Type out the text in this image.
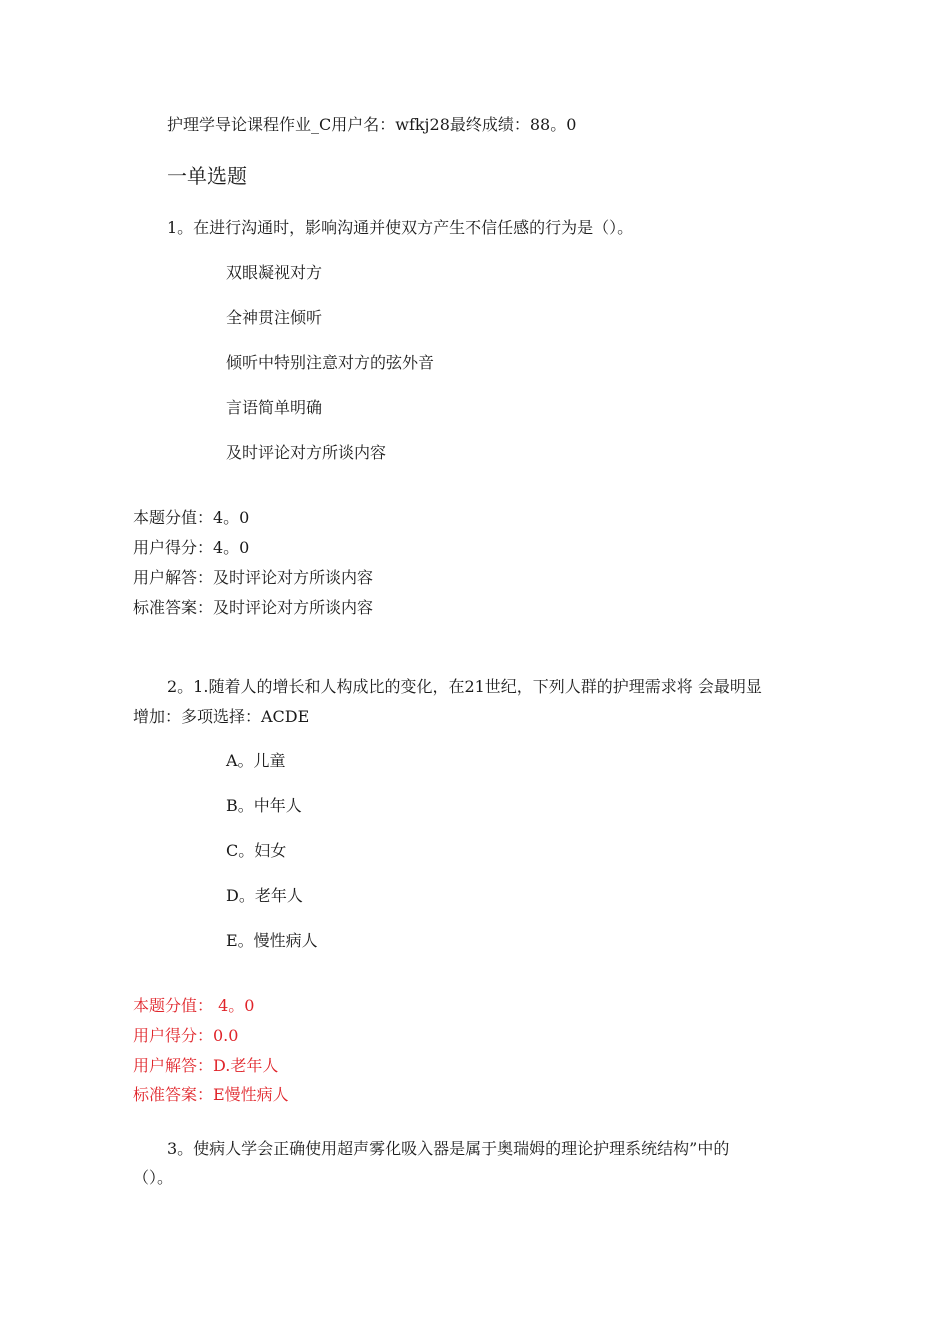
护理学导论课程作业_C用户名：wfkj28最终成绩：88。0
一单选题
1。在进行沟通时，影响沟通并使双方产生不信任感的行为是（）。
双眼凝视对方
全神贯注倾听
倾听中特别注意对方的弦外音
言语简单明确
及时评论对方所谈内容
本题分值：4。0
用户得分：4。0
用户解答：及时评论对方所谈内容
标准答案：及时评论对方所谈内容
2。1.随着人的增长和人构成比的变化，在21世纪，下列人群的护理需求将 会最明显
增加：多项选择：ACDE
A。儿童
B。中年人
C。妇女
D。老年人
E。慢性病人
本题分值： 4。0
用户得分：0.0
用户解答：D.老年人
标准答案：E慢性病人
3。使病人学会正确使用超声雾化吸入器是属于奥瑞姆的理论护理系统结构”中的
（）。
